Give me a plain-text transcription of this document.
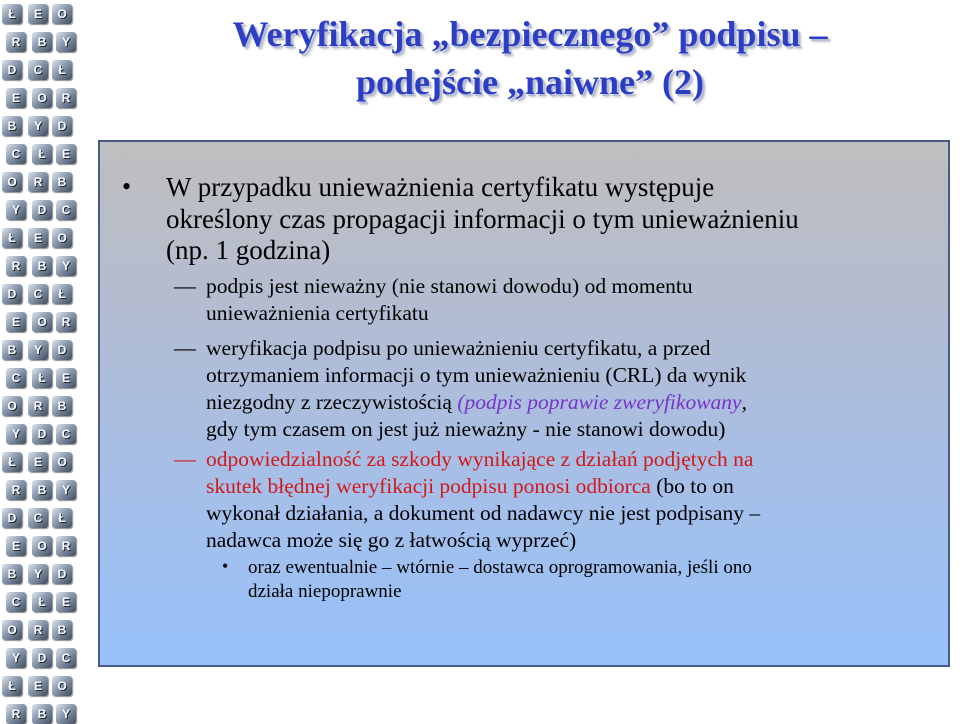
Ł	E	O
R	B	Y
D	C	Ł
E	O	R
B	Y	D
C	Ł	E
O	R	B
Y	D	C
Ł	E	O
R	B	Y
D	C	Ł
E	O	R
B	Y	D
C	Ł	E
O	R	B
Y	D	C
Ł	E	O
R	B	Y
D	C	Ł
E	O	R
B	Y	D
C	Ł	E
O	R	B
Y	D	C
Ł	E	O
R	B	Y
Weryfikacja „bezpiecznego” podpisu –
podejście „naiwne” (2)
• W przypadku unieważnienia certyfikatu występuje
określony czas propagacji informacji o tym unieważnieniu
(np. 1 godzina)
— podpis jest nieważny (nie stanowi dowodu) od momentu
unieważnienia certyfikatu
— weryfikacja podpisu po unieważnieniu certyfikatu, a przed
otrzymaniem informacji o tym unieważnieniu (CRL) da wynik
niezgodny z rzeczywistością (podpis poprawie zweryfikowany,
gdy tym czasem on jest już nieważny - nie stanowi dowodu)
— odpowiedzialność za szkody wynikające z działań podjętych na
skutek błędnej weryfikacji podpisu ponosi odbiorca (bo to on
wykonał działania, a dokument od nadawcy nie jest podpisany –
nadawca może się go z łatwością wyprzeć)
• oraz ewentualnie – wtórnie – dostawca oprogramowania, jeśli ono
działa niepoprawnie
